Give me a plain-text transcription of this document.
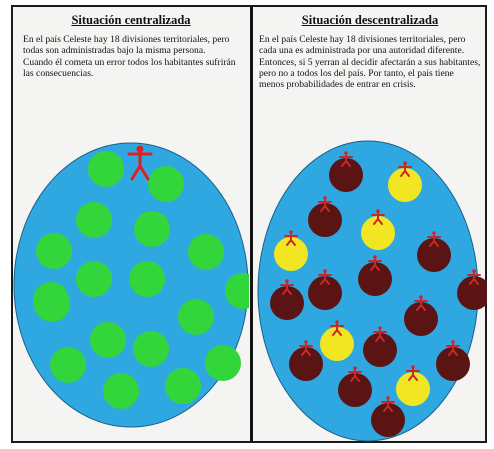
Situación centralizada
En el país Celeste hay 18 divisiones territoriales, pero todas son administradas bajo la misma persona. Cuando él cometa un error todos los habitantes sufrirán las consecuencias.
Situación descentralizada
En el país Celeste hay 18 divisiones territoriales, pero cada una es administrada por una autoridad diferente. Entonces, si 5 yerran al decidir afectarán a sus habitantes, pero no a todos los del país. Por tanto, el país tiene menos probabilidades de entrar en crisis.
